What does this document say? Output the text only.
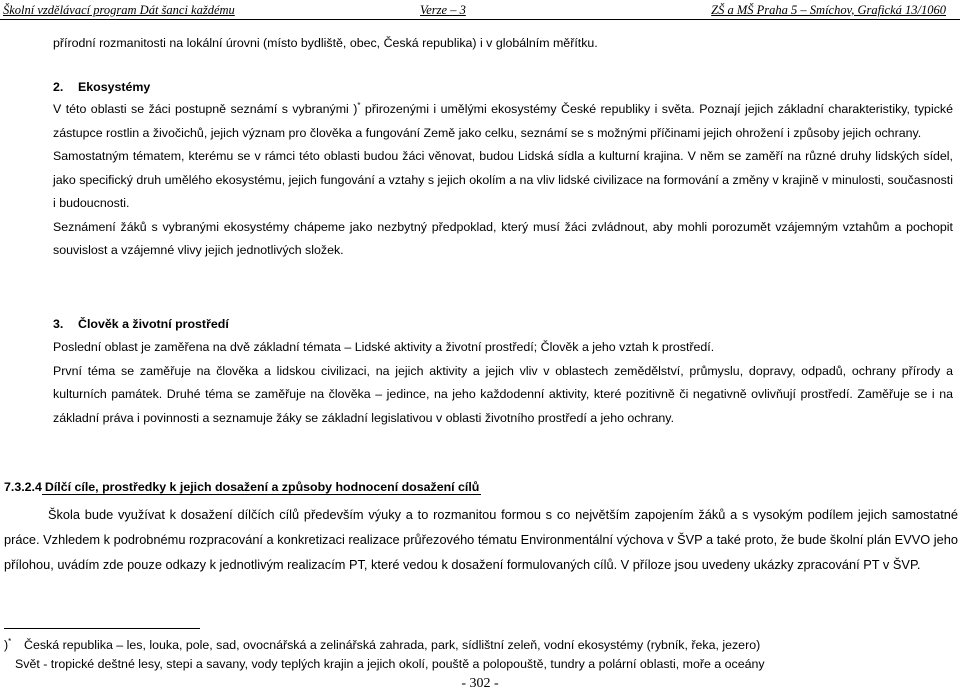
Školní vzdělávací program Dát šanci každému	Verze – 3	ZŠ a MŠ Praha 5 – Smíchov, Grafická 13/1060

přírodní rozmanitosti na lokální úrovni (místo bydliště, obec, Česká republika) i v globálním měřítku.

2. Ekosystémy

V této oblasti se žáci postupně seznámí s vybranými )* přirozenými i umělými ekosystémy České republiky i světa. Poznají jejich základní charakteristiky, typické zástupce rostlin a živočichů, jejich význam pro člověka a fungování Země jako celku, seznámí se s možnými příčinami jejich ohrožení i způsoby jejich ochrany.

Samostatným tématem, kterému se v rámci této oblasti budou žáci věnovat, budou Lidská sídla a kulturní krajina. V něm se zaměří na různé druhy lidských sídel, jako specifický druh umělého ekosystému, jejich fungování a vztahy s jejich okolím a na vliv lidské civilizace na formování a změny v krajině v minulosti, současnosti i budoucnosti.

Seznámení žáků s vybranými ekosystémy chápeme jako nezbytný předpoklad, který musí žáci zvládnout, aby mohli porozumět vzájemným vztahům a pochopit souvislost a vzájemné vlivy jejich jednotlivých složek.

3. Člověk a životní prostředí

Poslední oblast je zaměřena na dvě základní témata – Lidské aktivity a životní prostředí; Člověk a jeho vztah k prostředí.

První téma se zaměřuje na člověka a lidskou civilizaci, na jejich aktivity a jejich vliv v oblastech zemědělství, průmyslu, dopravy, odpadů, ochrany přírody a kulturních památek. Druhé téma se zaměřuje na člověka – jedince, na jeho každodenní aktivity, které pozitivně či negativně ovlivňují prostředí. Zaměřuje se i na základní práva i povinnosti a seznamuje žáky se základní legislativou v oblasti životního prostředí a jeho ochrany.

7.3.2.4 Dílčí cíle, prostředky k jejich dosažení a způsoby hodnocení dosažení cílů

Škola bude využívat k dosažení dílčích cílů především výuky a to rozmanitou formou s co největším zapojením žáků a s vysokým podílem jejich samostatné práce. Vzhledem k podrobnému rozpracování a konkretizaci realizace průřezového tématu Environmentální výchova v ŠVP a také proto, že bude školní plán EVVO jeho přílohou, uvádím zde pouze odkazy k jednotlivým realizacím PT, které vedou k dosažení formulovaných cílů. V příloze jsou uvedeny ukázky zpracování PT v ŠVP.

)* Česká republika – les, louka, pole, sad, ovocnářská a zelinářská zahrada, park, sídlištní zeleň, vodní ekosystémy (rybník, řeka, jezero)

Svět - tropické deštné lesy, stepi a savany, vody teplých krajin a jejich okolí, pouště a polopouště, tundry a polární oblasti, moře a oceány

- 302 -
